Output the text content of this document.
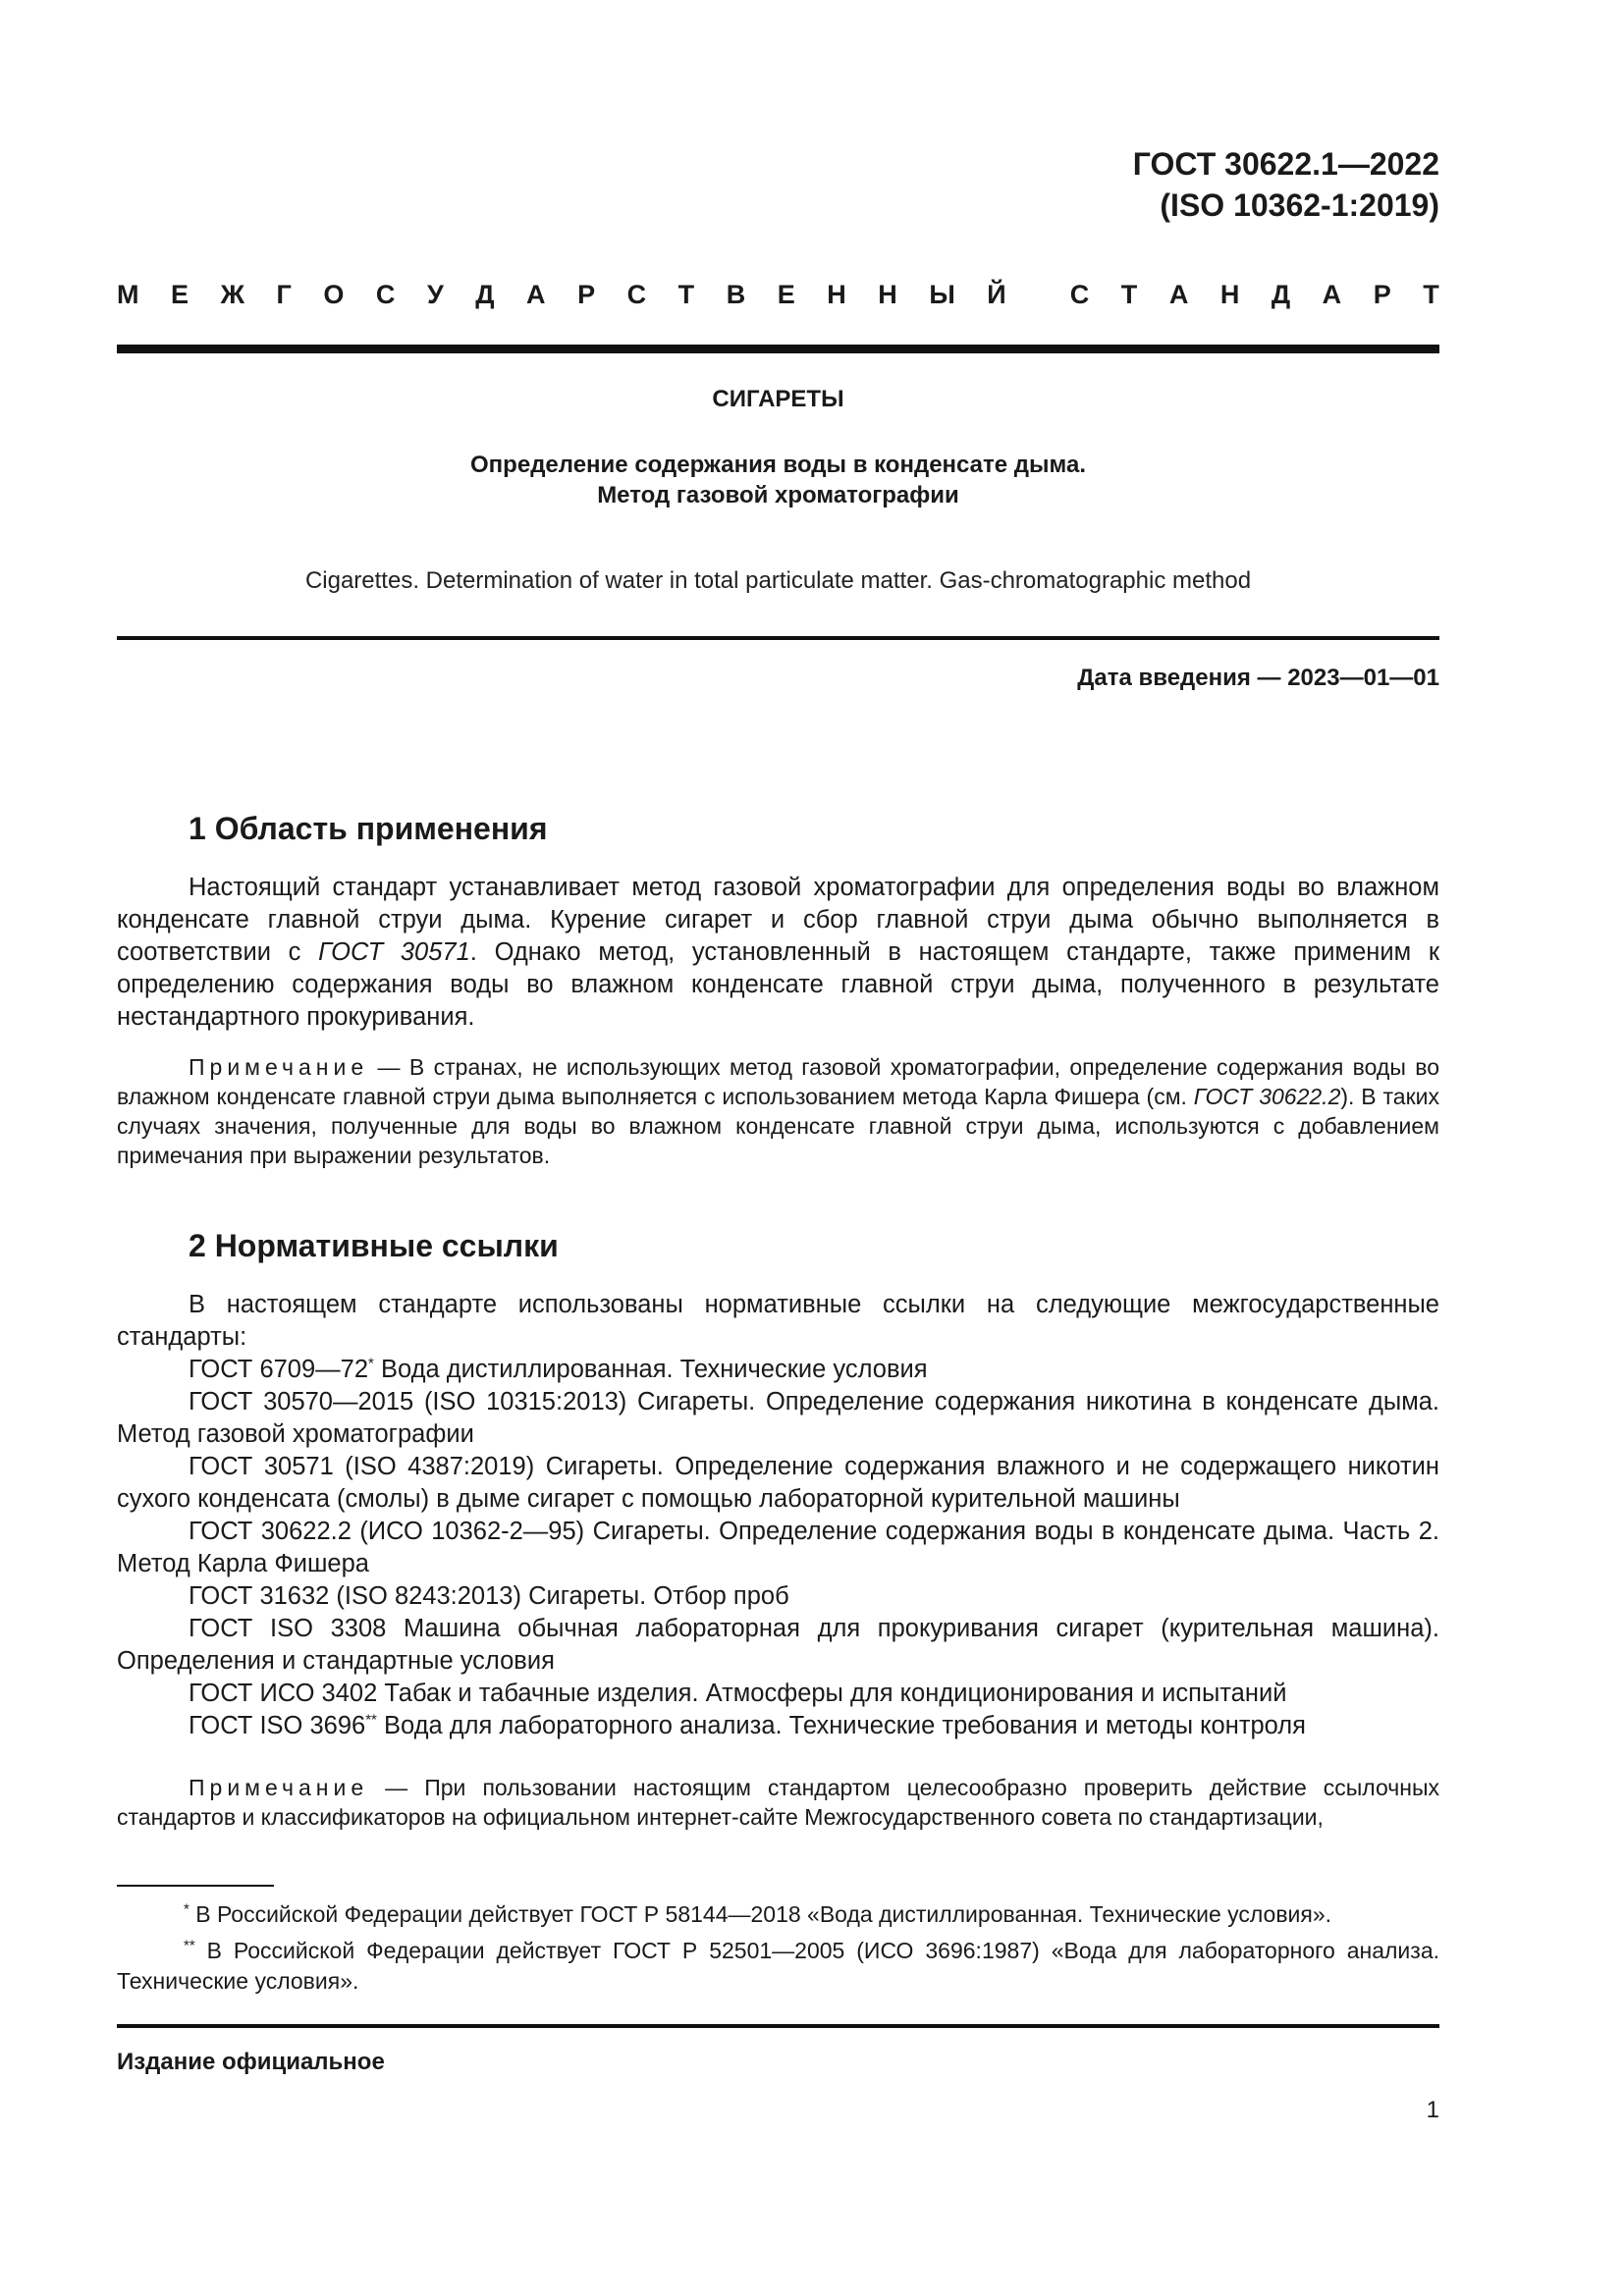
ГОСТ 30622.1—2022
(ISO 10362-1:2019)
М Е Ж Г О С У Д А Р С Т В Е Н Н Ы Й С Т А Н Д А Р Т
СИГАРЕТЫ
Определение содержания воды в конденсате дыма.
Метод газовой хроматографии
Cigarettes. Determination of water in total particulate matter. Gas-chromatographic method
Дата введения — 2023—01—01
1 Область применения
Настоящий стандарт устанавливает метод газовой хроматографии для определения воды во влажном конденсате главной струи дыма. Курение сигарет и сбор главной струи дыма обычно выполняется в соответствии с ГОСТ 30571. Однако метод, установленный в настоящем стандарте, также применим к определению содержания воды во влажном конденсате главной струи дыма, полученного в результате нестандартного прокуривания.
Примечание — В странах, не использующих метод газовой хроматографии, определение содержания воды во влажном конденсате главной струи дыма выполняется с использованием метода Карла Фишера (см. ГОСТ 30622.2). В таких случаях значения, полученные для воды во влажном конденсате главной струи дыма, используются с добавлением примечания при выражении результатов.
2 Нормативные ссылки

В настоящем стандарте использованы нормативные ссылки на следующие межгосударственные стандарты:

ГОСТ 6709—72* Вода дистиллированная. Технические условия

ГОСТ 30570—2015 (ISO 10315:2013) Сигареты. Определение содержания никотина в конденсате дыма. Метод газовой хроматографии

ГОСТ 30571 (ISO 4387:2019) Сигареты. Определение содержания влажного и не содержащего никотин сухого конденсата (смолы) в дыме сигарет с помощью лабораторной курительной машины

ГОСТ 30622.2 (ИСО 10362-2—95) Сигареты. Определение содержания воды в конденсате дыма. Часть 2. Метод Карла Фишера

ГОСТ 31632 (ISO 8243:2013) Сигареты. Отбор проб

ГОСТ ISO 3308 Машина обычная лабораторная для прокуривания сигарет (курительная машина). Определения и стандартные условия

ГОСТ ИСО 3402 Табак и табачные изделия. Атмосферы для кондиционирования и испытаний

ГОСТ ISO 3696** Вода для лабораторного анализа. Технические требования и методы контроля

Примечание — При пользовании настоящим стандартом целесообразно проверить действие ссылочных стандартов и классификаторов на официальном интернет-сайте Межгосударственного совета по стандартизации,
* В Российской Федерации действует ГОСТ Р 58144—2018 «Вода дистиллированная. Технические условия».
** В Российской Федерации действует ГОСТ Р 52501—2005 (ИСО 3696:1987) «Вода для лабораторного анализа. Технические условия».
Издание официальное
1
